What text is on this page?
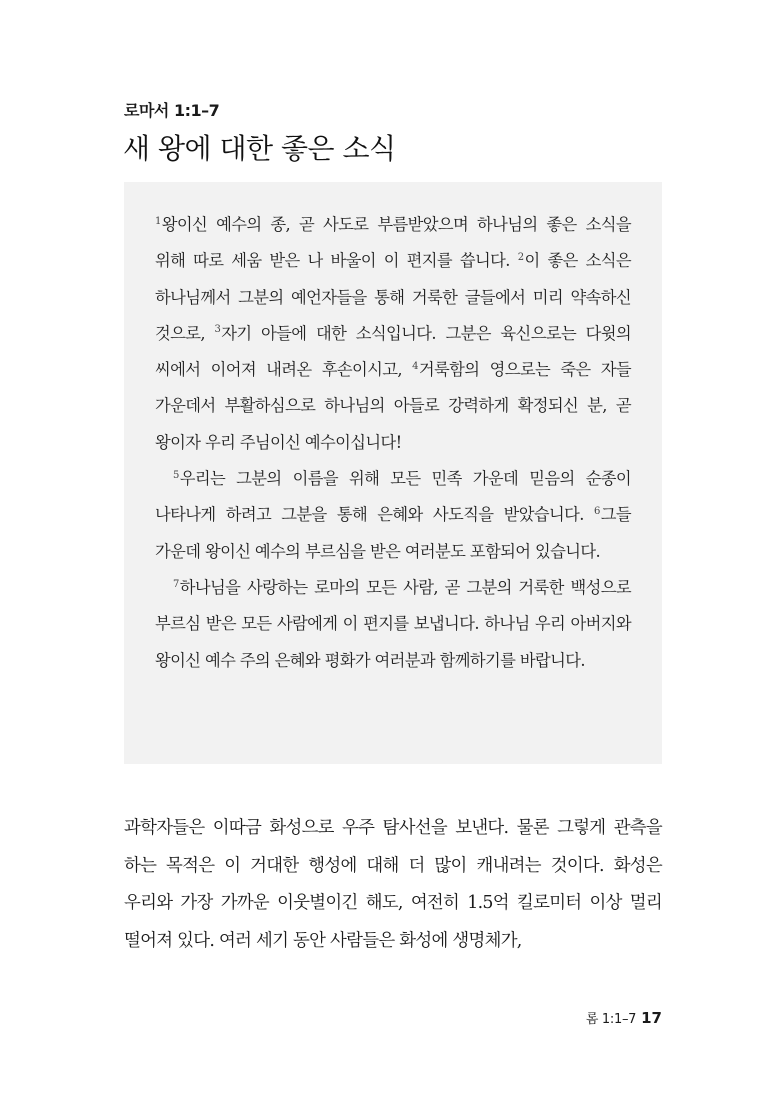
로마서 1:1–7
새 왕에 대한 좋은 소식

$^1$왕이신 예수의 종, 곧 사도로 부름받았으며 하나님의 좋은 소식을 위해 따로 세움 받은 나 바울이 이 편지를 씁니다. $^2$이 좋은 소식은 하나님께서 그분의 예언자들을 통해 거룩한 글들에서 미리 약속하신 것으로, $^3$자기 아들에 대한 소식입니다. 그분은 육신으로는 다윗의 씨에서 이어져 내려온 후손이시고, $^4$거룩함의 영으로는 죽은 자들 가운데서 부활하심으로 하나님의 아들로 강력하게 확정되신 분, 곧 왕이자 우리 주님이신 예수이십니다!

$^5$우리는 그분의 이름을 위해 모든 민족 가운데 믿음의 순종이 나타나게 하려고 그분을 통해 은혜와 사도직을 받았습니다. $^6$그들 가운데 왕이신 예수의 부르심을 받은 여러분도 포함되어 있습니다.

$^7$하나님을 사랑하는 로마의 모든 사람, 곧 그분의 거룩한 백성으로 부르심 받은 모든 사람에게 이 편지를 보냅니다. 하나님 우리 아버지와 왕이신 예수 주의 은혜와 평화가 여러분과 함께하기를 바랍니다.

과학자들은 이따금 화성으로 우주 탐사선을 보낸다. 물론 그렇게 관측을 하는 목적은 이 거대한 행성에 대해 더 많이 캐내려는 것이다. 화성은 우리와 가장 가까운 이웃별이긴 해도, 여전히 1.5억 킬로미터 이상 멀리 떨어져 있다. 여러 세기 동안 사람들은 화성에 생명체가,

롬 1:1–7 17
